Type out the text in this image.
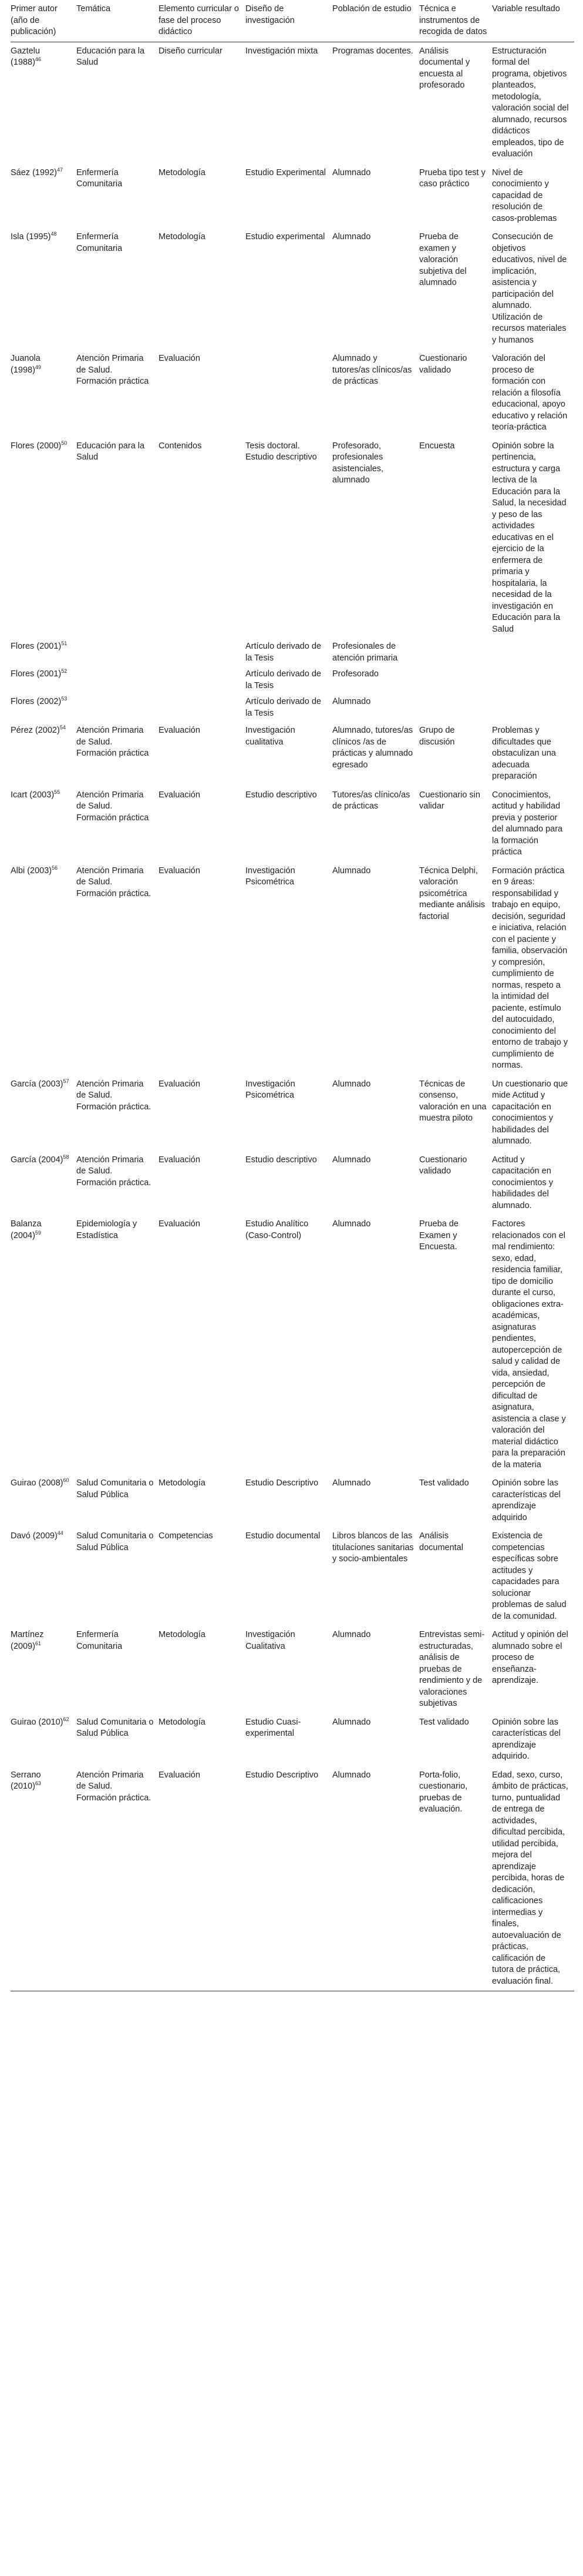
Primer autor (año de publicación)	Temática	Elemento curricular o fase del proceso didáctico	Diseño de investigación	Población de estudio	Técnica e instrumentos de recogida de datos	Variable resultado
Gaztelu $(1988)^{46}$	Educación para la Salud	Diseño curricular	Investigación mixta	Programas docentes.	Análisis documental y encuesta al profesorado	Estructuración formal del programa, objetivos planteados, metodología, valoración social del alumnado, recursos didácticos empleados, tipo de evaluación
Sáez $(1992)^{47}$	Enfermería Comunitaria	Metodología	Estudio Experimental	Alumnado	Prueba tipo test y caso práctico	Nivel de conocimiento y capacidad de resolución de casos-problemas
Isla $(1995)^{48}$	Enfermería Comunitaria	Metodología	Estudio experimental	Alumnado	Prueba de examen y valoración subjetiva del alumnado	Consecución de objetivos educativos, nivel de implicación, asistencia y participación del alumnado. Utilización de recursos materiales y humanos
Juanola $(1998)^{49}$	Atención Primaria de Salud. Formación práctica	Evaluación		Alumnado y tutores/as clínicos/as de prácticas	Cuestionario validado	Valoración del proceso de formación con relación a filosofía educacional, apoyo educativo y relación teoría-práctica
Flores $(2000)^{50}$	Educación para la Salud	Contenidos	Tesis doctoral. Estudio descriptivo	Profesorado, profesionales asistenciales, alumnado	Encuesta	Opinión sobre la pertinencia, estructura y carga lectiva de la Educación para la Salud, la necesidad y peso de las actividades educativas en el ejercicio de la enfermera de primaria y hospitalaria, la necesidad de la investigación en Educación para la Salud
Flores $(2001)^{51}$			Artículo derivado de la Tesis	Profesionales de atención primaria		
Flores $(2001)^{52}$			Artículo derivado de la Tesis	Profesorado		
Flores $(2002)^{53}$			Artículo derivado de la Tesis	Alumnado		
Pérez $(2002)^{54}$	Atención Primaria de Salud. Formación práctica	Evaluación	Investigación cualitativa	Alumnado, tutores/as clínicos /as de prácticas y alumnado egresado	Grupo de discusión	Problemas y dificultades que obstaculizan una adecuada preparación
Icart $(2003)^{55}$	Atención Primaria de Salud. Formación práctica	Evaluación	Estudio descriptivo	Tutores/as clínico/as de prácticas	Cuestionario sin validar	Conocimientos, actitud y habilidad previa y posterior del alumnado para la formación práctica
Albi $(2003)^{56}$	Atención Primaria de Salud. Formación práctica.	Evaluación	Investigación Psicométrica	Alumnado	Técnica Delphi, valoración psicométrica mediante análisis factorial	Formación práctica en 9 áreas: responsabilidad y trabajo en equipo, decisión, seguridad e iniciativa, relación con el paciente y familia, observación y compresión, cumplimiento de normas, respeto a la intimidad del paciente, estímulo del autocuidado, conocimiento del entorno de trabajo y cumplimiento de normas.
García $(2003)^{57}$	Atención Primaria de Salud. Formación práctica.	Evaluación	Investigación Psicométrica	Alumnado	Técnicas de consenso, valoración en una muestra piloto	Un cuestionario que mide Actitud y capacitación en conocimientos y habilidades del alumnado.
García $(2004)^{58}$	Atención Primaria de Salud. Formación práctica.	Evaluación	Estudio descriptivo	Alumnado	Cuestionario validado	Actitud y capacitación en conocimientos y habilidades del alumnado.
Balanza $(2004)^{59}$	Epidemiología y Estadística	Evaluación	Estudio Analítico (Caso-Control)	Alumnado	Prueba de Examen y Encuesta.	Factores relacionados con el mal rendimiento: sexo, edad, residencia familiar, tipo de domicilio durante el curso, obligaciones extra-académicas, asignaturas pendientes, autopercepción de salud y calidad de vida, ansiedad, percepción de dificultad de asignatura, asistencia a clase y valoración del material didáctico para la preparación de la materia
Guirao $(2008)^{60}$	Salud Comunitaria o Salud Pública	Metodología	Estudio Descriptivo	Alumnado	Test validado	Opinión sobre las características del aprendizaje adquirido
Davó $(2009)^{44}$	Salud Comunitaria o Salud Pública	Competencias	Estudio documental	Libros blancos de las titulaciones sanitarias y socio-ambientales	Análisis documental	Existencia de competencias específicas sobre actitudes y capacidades para solucionar problemas de salud de la comunidad.
Martínez $(2009)^{61}$	Enfermería Comunitaria	Metodología	Investigación Cualitativa	Alumnado	Entrevistas semi-estructuradas, análisis de pruebas de rendimiento y de valoraciones subjetivas	Actitud y opinión del alumnado sobre el proceso de enseñanza-aprendizaje.
Guirao $(2010)^{62}$	Salud Comunitaria o Salud Pública	Metodología	Estudio Cuasi-experimental	Alumnado	Test validado	Opinión sobre las características del aprendizaje adquirido.
Serrano $(2010)^{63}$	Atención Primaria de Salud. Formación práctica.	Evaluación	Estudio Descriptivo	Alumnado	Porta-folio, cuestionario, pruebas de evaluación.	Edad, sexo, curso, ámbito de prácticas, turno, puntualidad de entrega de actividades, dificultad percibida, utilidad percibida, mejora del aprendizaje percibida, horas de dedicación, calificaciones intermedias y finales, autoevaluación de prácticas, calificación de tutora de práctica, evaluación final.
